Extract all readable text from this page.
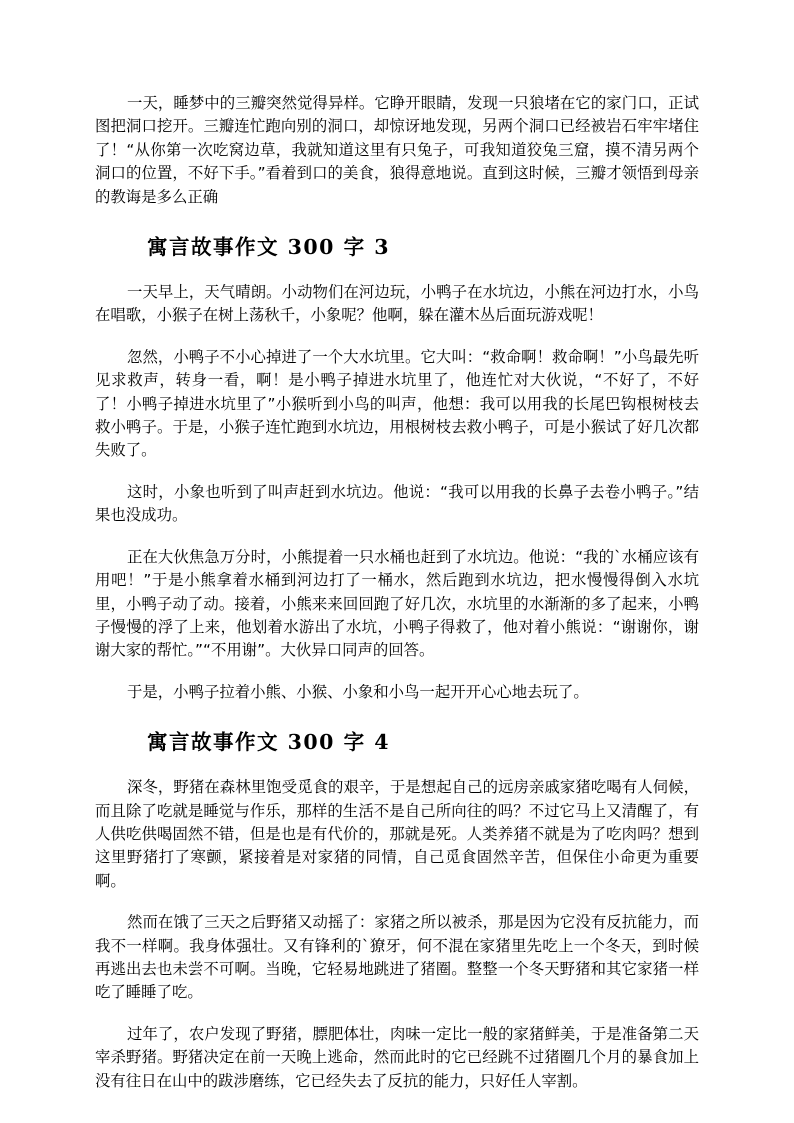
一天，睡梦中的三瓣突然觉得异样。它睁开眼睛，发现一只狼堵在它的家门口，正试图把洞口挖开。三瓣连忙跑向别的洞口，却惊讶地发现，另两个洞口已经被岩石牢牢堵住了！“从你第一次吃窝边草，我就知道这里有只兔子，可我知道狡兔三窟，摸不清另两个洞口的位置，不好下手。”看着到口的美食，狼得意地说。直到这时候，三瓣才领悟到母亲的教诲是多么正确

寓言故事作文 300 字 3

一天早上，天气晴朗。小动物们在河边玩，小鸭子在水坑边，小熊在河边打水，小鸟在唱歌，小猴子在树上荡秋千，小象呢？他啊，躲在灌木丛后面玩游戏呢！

忽然，小鸭子不小心掉进了一个大水坑里。它大叫：“救命啊！救命啊！”小鸟最先听见求救声，转身一看，啊！是小鸭子掉进水坑里了，他连忙对大伙说，“不好了，不好了！小鸭子掉进水坑里了”小猴听到小鸟的叫声，他想：我可以用我的长尾巴钩根树枝去救小鸭子。于是，小猴子连忙跑到水坑边，用根树枝去救小鸭子，可是小猴试了好几次都失败了。

这时，小象也听到了叫声赶到水坑边。他说：“我可以用我的长鼻子去卷小鸭子。”结果也没成功。

正在大伙焦急万分时，小熊提着一只水桶也赶到了水坑边。他说：“我的`水桶应该有用吧！”于是小熊拿着水桶到河边打了一桶水，然后跑到水坑边，把水慢慢得倒入水坑里，小鸭子动了动。接着，小熊来来回回跑了好几次，水坑里的水渐渐的多了起来，小鸭子慢慢的浮了上来，他划着水游出了水坑，小鸭子得救了，他对着小熊说：“谢谢你，谢谢大家的帮忙。”“不用谢”。大伙异口同声的回答。

于是，小鸭子拉着小熊、小猴、小象和小鸟一起开开心心地去玩了。

寓言故事作文 300 字 4

深冬，野猪在森林里饱受觅食的艰辛，于是想起自己的远房亲戚家猪吃喝有人伺候，而且除了吃就是睡觉与作乐，那样的生活不是自己所向往的吗？不过它马上又清醒了，有人供吃供喝固然不错，但是也是有代价的，那就是死。人类养猪不就是为了吃肉吗？想到这里野猪打了寒颤，紧接着是对家猪的同情，自己觅食固然辛苦，但保住小命更为重要啊。

然而在饿了三天之后野猪又动摇了：家猪之所以被杀，那是因为它没有反抗能力，而我不一样啊。我身体强壮。又有锋利的`獠牙，何不混在家猪里先吃上一个冬天，到时候再逃出去也未尝不可啊。当晚，它轻易地跳进了猪圈。整整一个冬天野猪和其它家猪一样吃了睡睡了吃。

过年了，农户发现了野猪，膘肥体壮，肉味一定比一般的家猪鲜美，于是准备第二天宰杀野猪。野猪决定在前一天晚上逃命，然而此时的它已经跳不过猪圈几个月的暴食加上没有往日在山中的跋涉磨练，它已经失去了反抗的能力，只好任人宰割。
